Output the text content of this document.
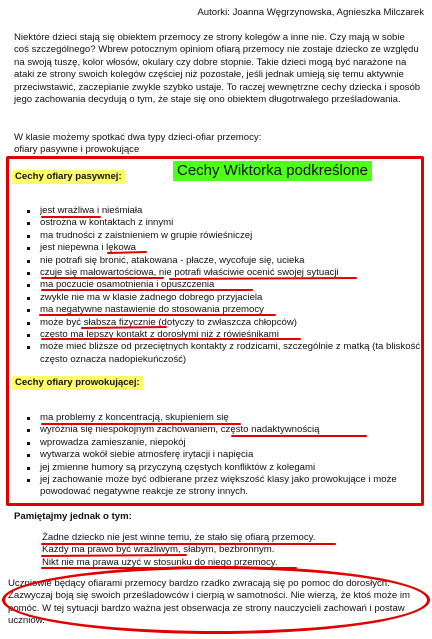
Autorki: Joanna Węgrzynowska, Agnieszka Milczarek
Niektóre dzieci stają się obiektem przemocy ze strony kolegów a inne nie. Czy mają w sobie coś szczególnego? Wbrew potocznym opiniom ofiarą przemocy nie zostaje dziecko ze względu na swoją tuszę, kolor włosów, okulary czy dobre stopnie. Takie dzieci mogą być narażone na ataki ze strony swoich kolegów częściej niż pozostałe, jeśli jednak umieją się temu aktywnie przeciwstawić, zaczepianie zwykle szybko ustaje. To raczej wewnętrzne cechy dziecka i sposób jego zachowania decydują o tym, że staje się ono obiektem długotrwałego prześladowania.
W klasie możemy spotkać dwa typy dzieci-ofiar przemocy:
ofiary pasywne i prowokujące
Cechy Wiktorka podkreślone
Cechy ofiary pasywnej:
jest wrażliwa i nieśmiała
ostrożna w kontaktach z innymi
ma trudności z zaistnieniem w grupie rówieśniczej
jest niepewna i lękowa
nie potrafi się bronić, atakowana - płacze, wycofuje się, ucieka
czuje się małowartościowa, nie potrafi właściwie ocenić swojej sytuacji
ma poczucie osamotnienia i opuszczenia
zwykle nie ma w klasie żadnego dobrego przyjaciela
ma negatywne nastawienie do stosowania przemocy
może być słabsza fizycznie (dotyczy to zwłaszcza chłopców)
często ma lepszy kontakt z dorosłymi niż z rówieśnikami
może mieć bliższe od przeciętnych kontakty z rodzicami, szczególnie z matką (ta bliskość często oznacza nadopiekuńczość)
Cechy ofiary prowokującej:
ma problemy z koncentracją, skupieniem się
wyróżnia się niespokojnym zachowaniem, często nadaktywnością
wprowadza zamieszanie, niepokój
wytwarza wokół siebie atmosferę irytacji i napięcia
jej zmienne humory są przyczyną częstych konfliktów z kolegami
jej zachowanie może być odbierane przez większość klasy jako prowokujące i może powodować negatywne reakcje ze strony innych.
Pamiętajmy jednak o tym:
Żadne dziecko nie jest winne temu, że stało się ofiarą przemocy.
Każdy ma prawo być wrażliwym, słabym, bezbronnym.
Nikt nie ma prawa użyć w stosunku do niego przemocy.
Uczniowie będący ofiarami przemocy bardzo rzadko zwracają się po pomoc do dorosłych. Zazwyczaj boją się swoich prześladowców i cierpią w samotności. Nie wierzą, że ktoś może im pomóc. W tej sytuacji bardzo ważna jest obserwacja ze strony nauczycieli zachowań i postaw uczniów.
